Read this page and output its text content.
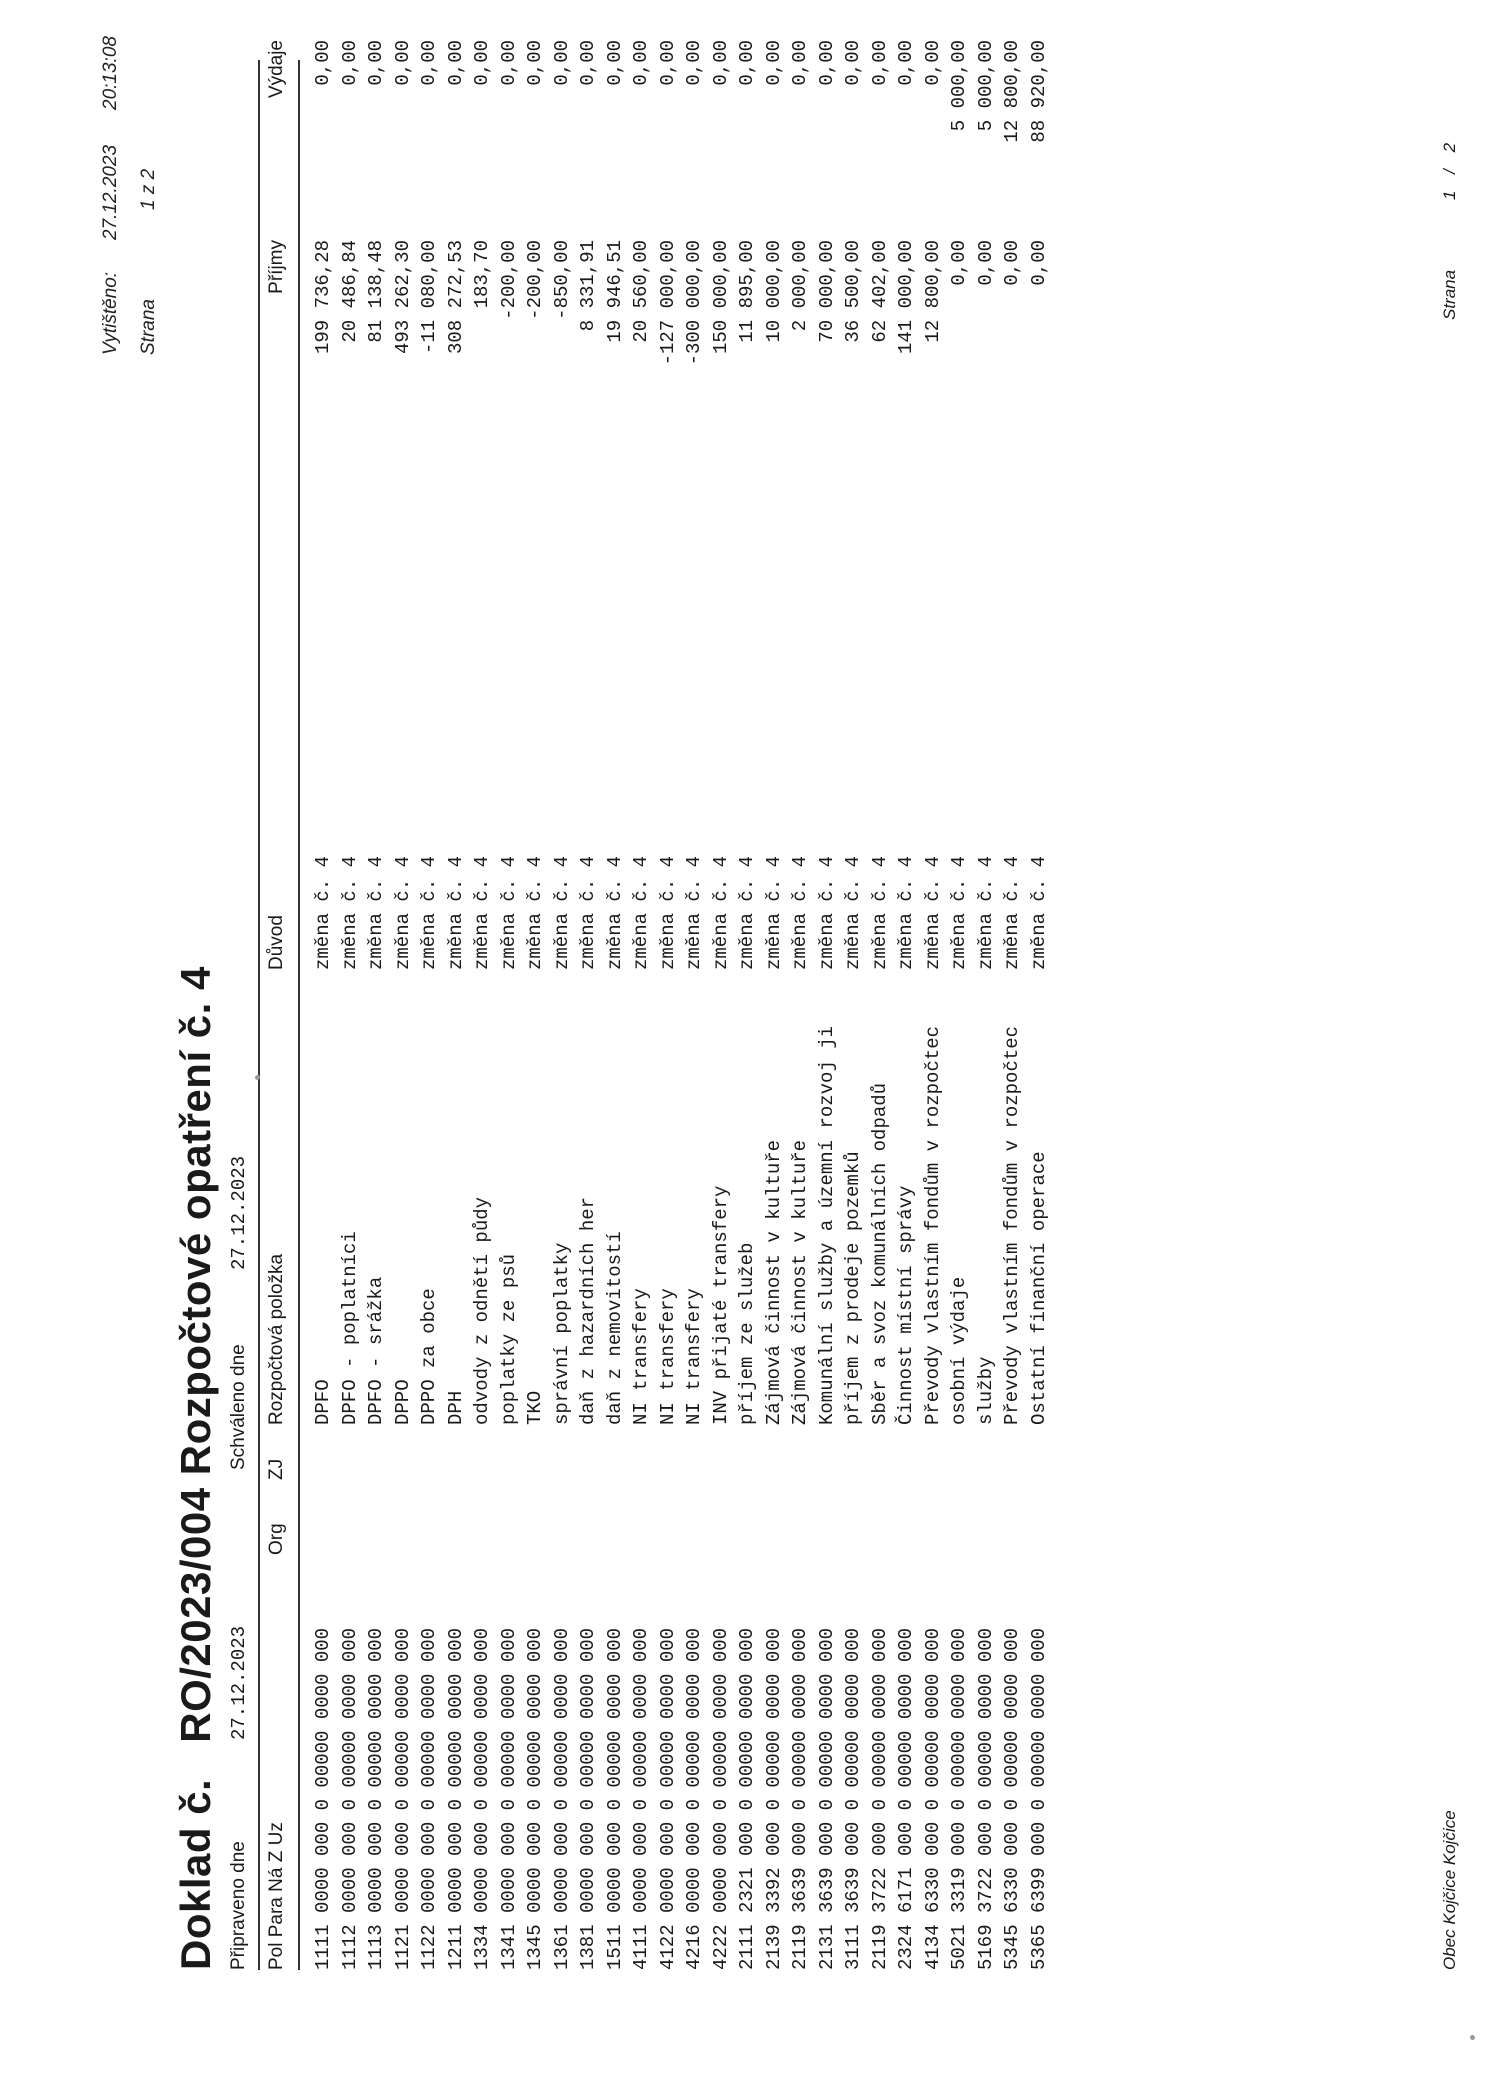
Vytištěno:
27.12.2023
20:13:08
Strana
1 z 2
Doklad č.RO/2023/004 Rozpočtové opatření č. 4
Připraveno dne27.12.2023Schváleno dne27.12.2023
Pol Para Ná Z Uz
Org
ZJ
Rozpočtová položka
Důvod
Příjmy
Výdaje
1111 0000 000 0 00000 0000 000
DPFO
změna č. 4
199 736,28
0,00
1112 0000 000 0 00000 0000 000
DPFO - poplatníci
změna č. 4
20 486,84
0,00
1113 0000 000 0 00000 0000 000
DPFO - srážka
změna č. 4
81 138,48
0,00
1121 0000 000 0 00000 0000 000
DPPO
změna č. 4
493 262,30
0,00
1122 0000 000 0 00000 0000 000
DPPO za obce
změna č. 4
-11 080,00
0,00
1211 0000 000 0 00000 0000 000
DPH
změna č. 4
308 272,53
0,00
1334 0000 000 0 00000 0000 000
odvody z odnětí půdy
změna č. 4
183,70
0,00
1341 0000 000 0 00000 0000 000
poplatky ze psů
změna č. 4
-200,00
0,00
1345 0000 000 0 00000 0000 000
TKO
změna č. 4
-200,00
0,00
1361 0000 000 0 00000 0000 000
správní poplatky
změna č. 4
-850,00
0,00
1381 0000 000 0 00000 0000 000
daň z hazardních her
změna č. 4
8 331,91
0,00
1511 0000 000 0 00000 0000 000
daň z nemovitostí
změna č. 4
19 946,51
0,00
4111 0000 000 0 00000 0000 000
NI transfery
změna č. 4
20 560,00
0,00
4122 0000 000 0 00000 0000 000
NI transfery
změna č. 4
-127 000,00
0,00
4216 0000 000 0 00000 0000 000
NI transfery
změna č. 4
-300 000,00
0,00
4222 0000 000 0 00000 0000 000
INV přijaté transfery
změna č. 4
150 000,00
0,00
2111 2321 000 0 00000 0000 000
příjem ze služeb
změna č. 4
11 895,00
0,00
2139 3392 000 0 00000 0000 000
Zájmová činnost v kultuře
změna č. 4
10 000,00
0,00
2119 3639 000 0 00000 0000 000
Zájmová činnost v kultuře
změna č. 4
2 000,00
0,00
2131 3639 000 0 00000 0000 000
Komunální služby a územní rozvoj ji
změna č. 4
70 000,00
0,00
3111 3639 000 0 00000 0000 000
příjem z prodeje pozemků
změna č. 4
36 500,00
0,00
2119 3722 000 0 00000 0000 000
Sběr a svoz komunálních odpadů
změna č. 4
62 402,00
0,00
2324 6171 000 0 00000 0000 000
Činnost místní správy
změna č. 4
141 000,00
0,00
4134 6330 000 0 00000 0000 000
Převody vlastním fondům v rozpočtec
změna č. 4
12 800,00
0,00
5021 3319 000 0 00000 0000 000
osobní výdaje
změna č. 4
0,00
5 000,00
5169 3722 000 0 00000 0000 000
služby
změna č. 4
0,00
5 000,00
5345 6330 000 0 00000 0000 000
Převody vlastním fondům v rozpočtec
změna č. 4
0,00
12 800,00
5365 6399 000 0 00000 0000 000
Ostatní finanční operace
změna č. 4
0,00
88 920,00
Obec Kojčice Kojčice
Strana
1 / 2
